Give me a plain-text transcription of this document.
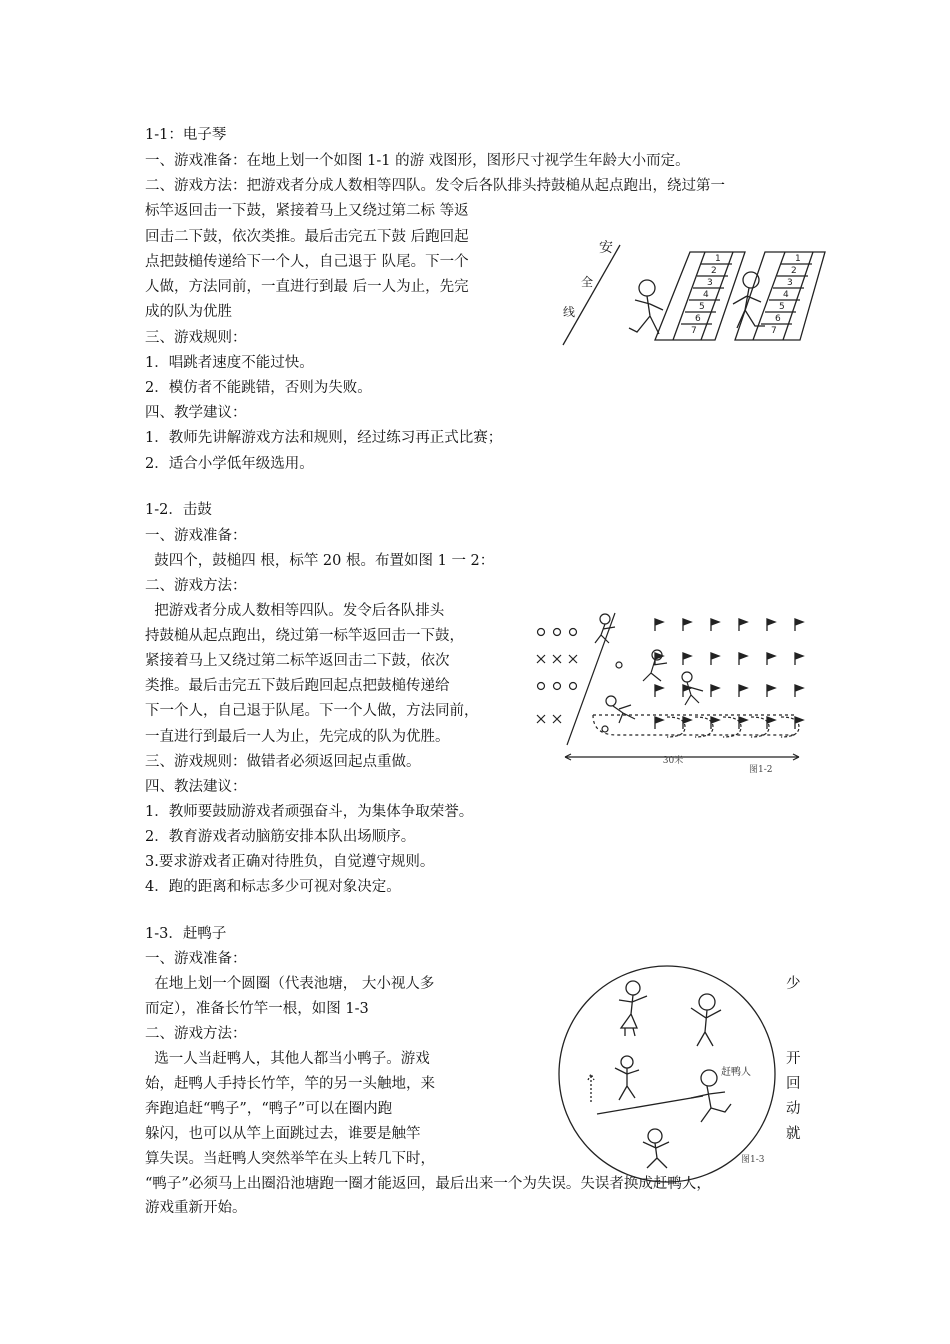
1-1：电子琴
一、游戏准备：在地上划一个如图 1-1 的游 戏图形，图形尺寸视学生年龄大小而定。
二、游戏方法：把游戏者分成人数相等四队。发令后各队排头持鼓槌从起点跑出，绕过第一
标竿返回击一下鼓，紧接着马上又绕过第二标 等返
回击二下鼓，依次类推。最后击完五下鼓 后跑回起
点把鼓槌传递给下一个人，自己退于 队尾。下一个
人做，方法同前，一直进行到最 后一人为止，先完
成的队为优胜
三、游戏规则：
1．唱跳者速度不能过快。
2．模仿者不能跳错，否则为失败。
四、教学建议：
1．教师先讲解游戏方法和规则，经过练习再正式比赛；
2．适合小学低年级选用。
1
2
3
4
5
6
7
1
2
3
4
5
6
7
安
全
线
1-2．击鼓
一、游戏准备：
鼓四个，鼓槌四 根，标竿 20 根。布置如图 1 一 2：
二、游戏方法：
把游戏者分成人数相等四队。发令后各队排头
持鼓槌从起点跑出，绕过第一标竿返回击一下鼓，
紧接着马上又绕过第二标竿返回击二下鼓，依次
类推。最后击完五下鼓后跑回起点把鼓槌传递给
下一个人，自己退于队尾。下一个人做，方法同前，
一直进行到最后一人为止，先完成的队为优胜。
三、游戏规则：做错者必须返回起点重做。
四、教法建议：
1．教师要鼓励游戏者顽强奋斗，为集体争取荣誉。
2．教育游戏者动脑筋安排本队出场顺序。
3.要求游戏者正确对待胜负，自觉遵守规则。
4．跑的距离和标志多少可视对象决定。
30米
图1-2
1-3．赶鸭子
一、游戏准备：
在地上划一个圆圈（代表池塘， 大小视人多	少
而定），准备长竹竿一根，如图 1-3
二、游戏方法：
选一人当赶鸭人，其他人都当小鸭子。游戏	开
始，赶鸭人手持长竹竿，竿的另一头触地，来	回
奔跑追赶“鸭子”，“鸭子”可以在圈内跑	动
躲闪，也可以从竿上面跳过去，谁要是触竿	就
算失误。当赶鸭人突然举竿在头上转几下时，
“鸭子”必须马上出圈沿池塘跑一圈才能返回，最后出来一个为失误。失误者换成赶鸭人，
游戏重新开始。
赶鸭人
图1-3
